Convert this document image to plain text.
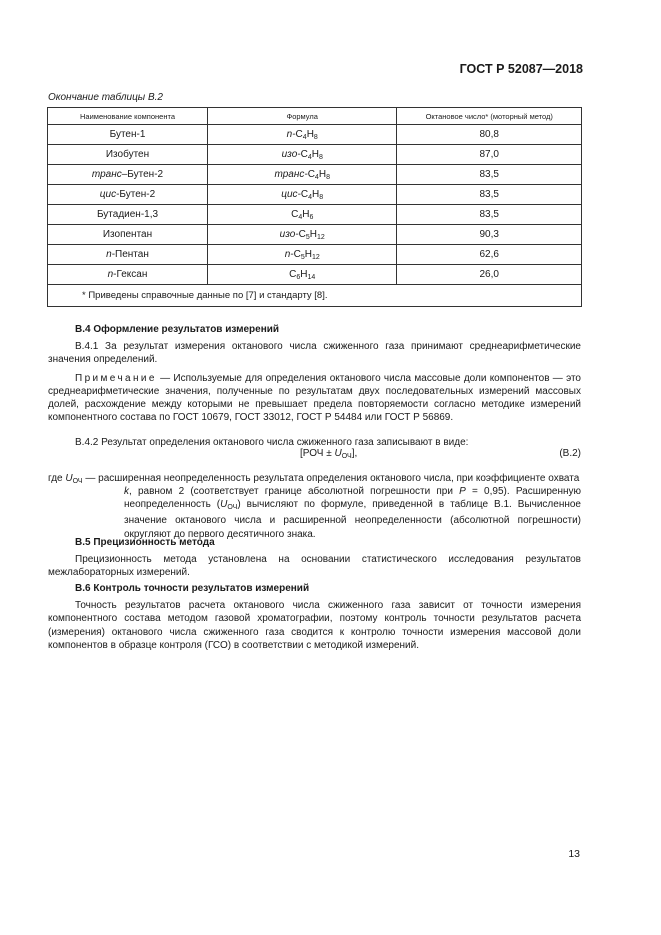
ГОСТ Р 52087—2018
Окончание таблицы В.2
Наименование компонента	Формула	Октановое число* (моторный метод)
Бутен-1	$n-C_4H_8$	80,8
Изобутен	изо-$C_4H_8$	87,0
транс–Бутен-2	транс-$C_4H_8$	83,5
цис-Бутен-2	цис-$C_4H_8$	83,5
Бутадиен-1,3	$C_4H_6$	83,5
Изопентан	изо-$C_5H_{12}$	90,3
n-Пентан	$n-C_5H_{12}$	62,6
n-Гексан	$C_6H_{14}$	26,0
* Приведены справочные данные по [7] и стандарту [8].		

В.4 Оформление результатов измерений

В.4.1 За результат измерения октанового числа сжиженного газа принимают среднеарифметические значения определений.

Примечание — Используемые для определения октанового числа массовые доли компонентов — это среднеарифметические значения, полученные по результатам двух последовательных измерений массовых долей, расхождение между которыми не превышает предела повторяемости согласно методике измерений компонентного состава по ГОСТ 10679, ГОСТ 33012, ГОСТ Р 54484 или ГОСТ Р 56869.

В.4.2 Результат определения октанового числа сжиженного газа записывают в виде:

$[РОЧ \pm U_{ОЧ}]$,	(В.2)
где $U_{ОЧ}$ — расширенная неопределенность результата определения октанового числа, при коэффициенте охвата
k, равном 2 (соответствует границе абсолютной погрешности при P = 0,95). Расширенную неопределенность $(U_{ОЧ})$ вычисляют по формуле, приведенной в таблице В.1. Вычисленное значение октанового числа и расширенной неопределенности (абсолютной погрешности) округляют до первого десятичного знака.

В.5 Прецизионность метода

Прецизионность метода установлена на основании статистического исследования результатов межлабораторных измерений.

В.6 Контроль точности результатов измерений

Точность результатов расчета октанового числа сжиженного газа зависит от точности измерения компонентного состава методом газовой хроматографии, поэтому контроль точности результатов расчета (измерения) октанового числа сжиженного газа сводится к контролю точности измерения массовой доли компонентов в образце контроля (ГСО) в соответствии с методикой измерений.

13
